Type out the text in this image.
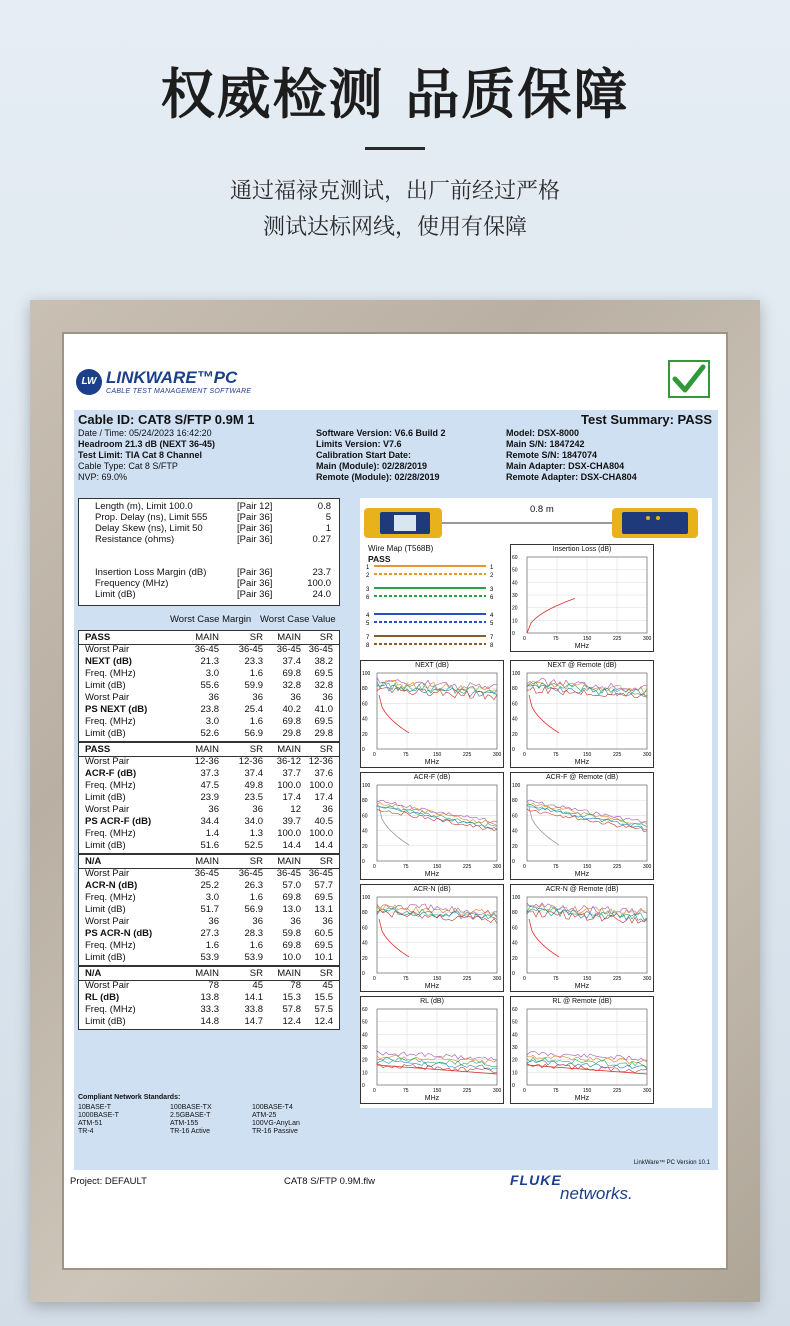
权威检测 品质保障
通过福禄克测试，出厂前经过严格
测试达标网线，使用有保障
LW LINKWARE™PC
CABLE TEST MANAGEMENT SOFTWARE
Cable ID: CAT8 S/FTP 0.9M 1	Test Summary: PASS
Date / Time: 05/24/2023 16:42:20
Headroom 21.3 dB (NEXT 36-45)
Test Limit: TIA Cat 8 Channel
Cable Type: Cat 8 S/FTP
NVP: 69.0%
Software Version: V6.6 Build 2
Limits Version: V7.6
Calibration Start Date:
Main (Module): 02/28/2019
Remote (Module): 02/28/2019
Model: DSX-8000
Main S/N: 1847242
Remote S/N: 1847074
Main Adapter: DSX-CHA804
Remote Adapter: DSX-CHA804
Length (m), Limit 100.0	[Pair 12]	0.8
Prop. Delay (ns), Limit 555	[Pair 36]	5
Delay Skew (ns), Limit 50	[Pair 36]	1
Resistance (ohms)	[Pair 36]	0.27
Insertion Loss Margin (dB)	[Pair 36]	23.7
Frequency (MHz)	[Pair 36]	100.0
Limit (dB)	[Pair 36]	24.0
Worst Case Margin Worst Case Value
PASS	MAIN	SR	MAIN	SR
Worst Pair	36-45	36-45	36-45 36-45
NEXT (dB)	21.3	23.3	37.4	38.2
Freq. (MHz)	3.0	1.6	69.8	69.5
Limit (dB)	55.6	59.9	32.8	32.8
Worst Pair	36	36	36	36
PS NEXT (dB)	23.8	25.4	40.2	41.0
Freq. (MHz)	3.0	1.6	69.8	69.5
Limit (dB)	52.6	56.9	29.8	29.8
PASS	MAIN	SR	MAIN	SR
Worst Pair	12-36	12-36	36-12 12-36
ACR-F (dB)	37.3	37.4	37.7	37.6
Freq. (MHz)	47.5	49.8	100.0 100.0
Limit (dB)	23.9	23.5	17.4	17.4
Worst Pair	36	36	12	36
PS ACR-F (dB)	34.4	34.0	39.7	40.5
Freq. (MHz)	1.4	1.3	100.0 100.0
Limit (dB)	51.6	52.5	14.4	14.4
N/A	MAIN	SR	MAIN	SR
Worst Pair	36-45	36-45	36-45 36-45
ACR-N (dB)	25.2	26.3	57.0	57.7
Freq. (MHz)	3.0	1.6	69.8	69.5
Limit (dB)	51.7	56.9	13.0	13.1
Worst Pair	36	36	36	36
PS ACR-N (dB)	27.3	28.3	59.8	60.5
Freq. (MHz)	1.6	1.6	69.8	69.5
Limit (dB)	53.9	53.9	10.0	10.1
N/A	MAIN	SR	MAIN	SR
Worst Pair	78	45	78	45
RL (dB)	13.8	14.1	15.3	15.5
Freq. (MHz)	33.3	33.8	57.8	57.5
Limit (dB)	14.8	14.7	12.4	12.4
Compliant Network Standards:
10BASE-T	100BASE-TX	100BASE-T4
1000BASE-T	2.5GBASE-T	ATM-25
ATM-51	ATM-155	100VG-AnyLan
TR-4	TR-16 Active	TR-16 Passive
0.8 m
Wire Map (T568B)
PASS
1	1
2	2
3	3
6	6
4	4
5	5
7	7
8	8
Insertion Loss (dB)
MHz
60
50
40
30
20
10
0
0	75	150	225	300
NEXT (dB)
MHz
100
80
60
40
20
0
0	75	150	225	300
NEXT @ Remote (dB)
MHz
100
80
60
40
20
0
0	75	150	225	300
ACR-F (dB)
MHz
100
80
60
40
20
0
0	75	150	225	300
ACR-F @ Remote (dB)
MHz
100
80
60
40
20
0
0	75	150	225	300
ACR-N (dB)
MHz
100
80
60
40
20
0
0	75	150	225	300
ACR-N @ Remote (dB)
MHz
100
80
60
40
20
0
0	75	150	225	300
RL (dB)
MHz
60
50
40
30
20
10
0
0	75	150	225	300
RL @ Remote (dB)
MHz
60
50
40
30
20
10
0
0	75	150	225	300
LinkWare™ PC Version 10.1
Project: DEFAULT	CAT8 S/FTP 0.9M.flw	FLUKE
networks.
